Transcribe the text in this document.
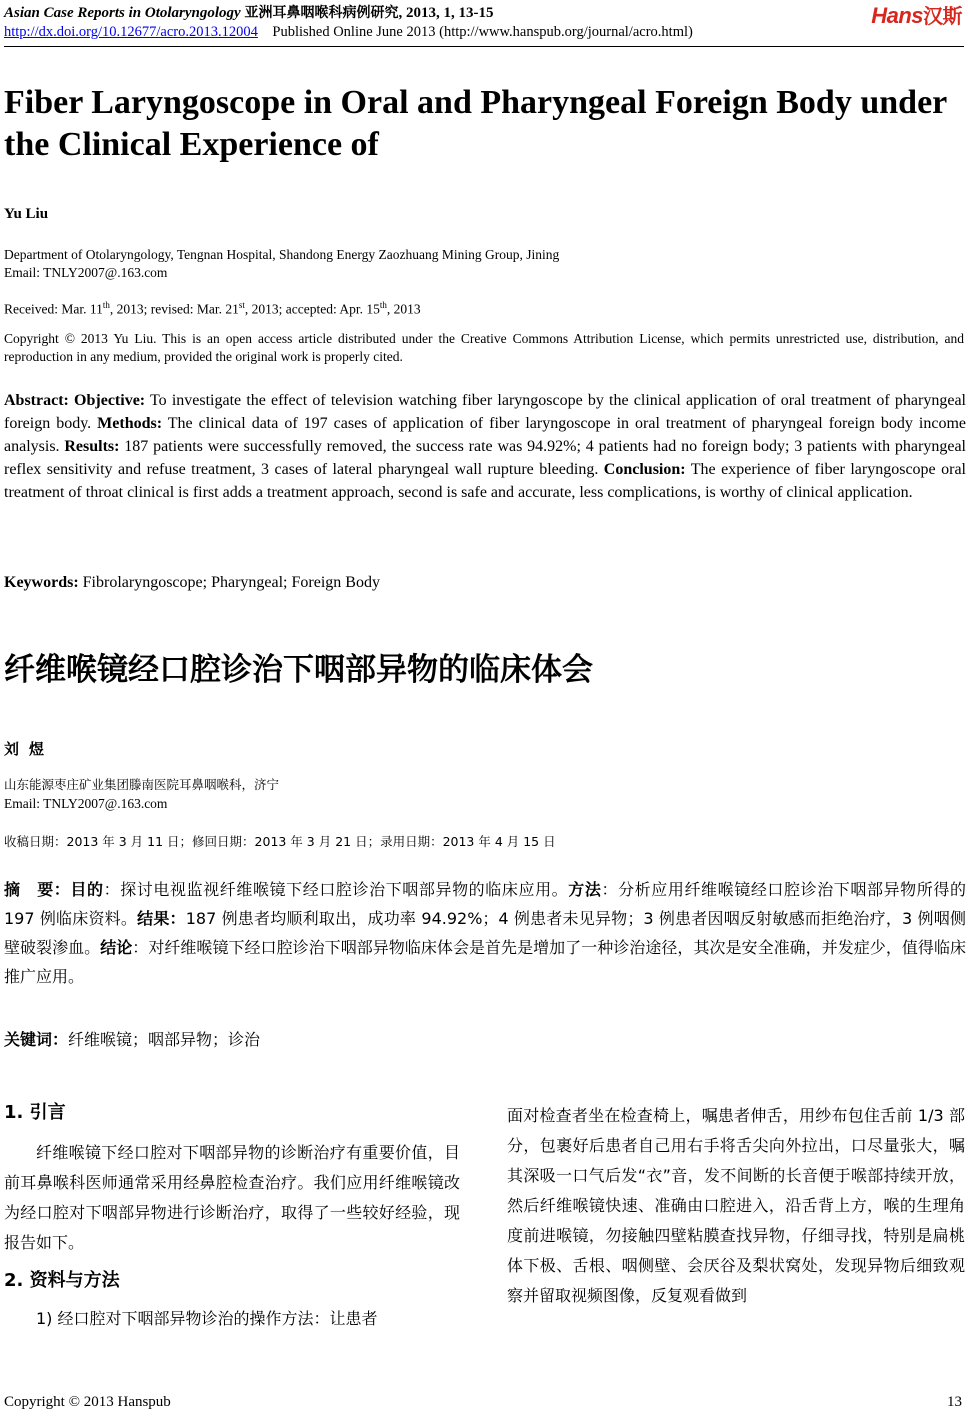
Asian Case Reports in Otolaryngology 亚洲耳鼻咽喉科病例研究, 2013, 1, 13-15
http://dx.doi.org/10.12677/acro.2013.12004 Published Online June 2013 (http://www.hanspub.org/journal/acro.html)
Hans汉斯
Fiber Laryngoscope in Oral and Pharyngeal Foreign Body under the Clinical Experience of
Yu Liu
Department of Otolaryngology, Tengnan Hospital, Shandong Energy Zaozhuang Mining Group, Jining
Email: TNLY2007@.163.com
Received: Mar. 11th, 2013; revised: Mar. 21st, 2013; accepted: Apr. 15th, 2013
Copyright © 2013 Yu Liu. This is an open access article distributed under the Creative Commons Attribution License, which permits unrestricted use, distribution, and reproduction in any medium, provided the original work is properly cited.
Abstract: Objective: To investigate the effect of television watching fiber laryngoscope by the clinical application of oral treatment of pharyngeal foreign body. Methods: The clinical data of 197 cases of application of fiber laryngoscope in oral treatment of pharyngeal foreign body income analysis. Results: 187 patients were successfully removed, the success rate was 94.92%; 4 patients had no foreign body; 3 patients with pharyngeal reflex sensitivity and refuse treatment, 3 cases of lateral pharyngeal wall rupture bleeding. Conclusion: The experience of fiber laryngoscope oral treatment of throat clinical is first adds a treatment approach, second is safe and accurate, less complications, is worthy of clinical application.
Keywords: Fibrolaryngoscope; Pharyngeal; Foreign Body
纤维喉镜经口腔诊治下咽部异物的临床体会
刘煜
山东能源枣庄矿业集团滕南医院耳鼻咽喉科，济宁
Email: TNLY2007@.163.com
收稿日期：2013 年 3 月 11 日；修回日期：2013 年 3 月 21 日；录用日期：2013 年 4 月 15 日
摘　要：目的：探讨电视监视纤维喉镜下经口腔诊治下咽部异物的临床应用。方法：分析应用纤维喉镜经口腔诊治下咽部异物所得的 197 例临床资料。结果：187 例患者均顺利取出，成功率 94.92%；4 例患者未见异物；3 例患者因咽反射敏感而拒绝治疗，3 例咽侧壁破裂渗血。结论：对纤维喉镜下经口腔诊治下咽部异物临床体会是首先是增加了一种诊治途径，其次是安全准确，并发症少，值得临床推广应用。
关键词：纤维喉镜；咽部异物；诊治

1. 引言

纤维喉镜下经口腔对下咽部异物的诊断治疗有重要价值，目前耳鼻喉科医师通常采用经鼻腔检查治疗。我们应用纤维喉镜改为经口腔对下咽部异物进行诊断治疗，取得了一些较好经验，现报告如下。

2. 资料与方法

1) 经口腔对下咽部异物诊治的操作方法：让患者

面对检查者坐在检查椅上，嘱患者伸舌，用纱布包住舌前 1/3 部分，包裹好后患者自己用右手将舌尖向外拉出，口尽量张大，嘱其深吸一口气后发“衣”音，发不间断的长音便于喉部持续开放，然后纤维喉镜快速、准确由口腔进入，沿舌背上方，喉的生理角度前进喉镜，勿接触四壁粘膜查找异物，仔细寻找，特别是扁桃体下极、舌根、咽侧壁、会厌谷及梨状窝处，发现异物后细致观察并留取视频图像，反复观看做到

Copyright © 2013 Hanspub	13
